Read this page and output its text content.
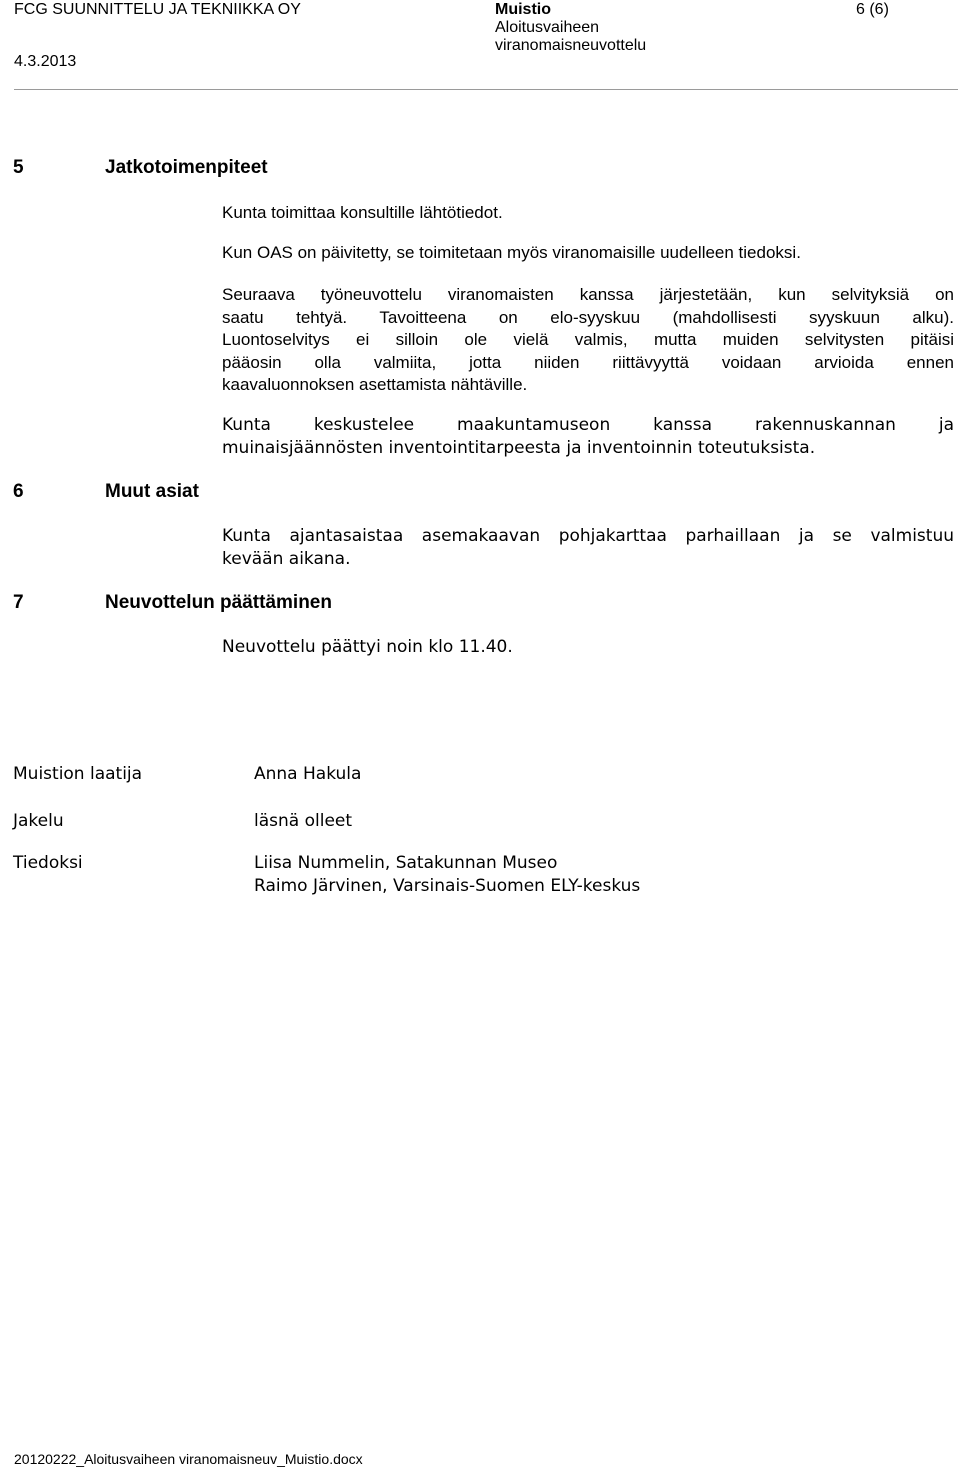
FCG SUUNNITTELU JA TEKNIIKKA OY
4.3.2013
Muistio
Aloitusvaiheen
viranomaisneuvottelu
6 (6)
5	Jatkotoimenpiteet
Kunta toimittaa konsultille lähtötiedot.
Kun OAS on päivitetty, se toimitetaan myös viranomaisille uudelleen tiedoksi.
Seuraava työneuvottelu viranomaisten kanssa järjestetään, kun selvityksiä on
saatu tehtyä. Tavoitteena on elo-syyskuu (mahdollisesti syyskuun alku).
Luontoselvitys ei silloin ole vielä valmis, mutta muiden selvitysten pitäisi
pääosin olla valmiita, jotta niiden riittävyyttä voidaan arvioida ennen
kaavaluonnoksen asettamista nähtäville.
Kunta keskustelee maakuntamuseon kanssa rakennuskannan ja
muinaisjäännösten inventointitarpeesta ja inventoinnin toteutuksista.
6	Muut asiat
Kunta ajantasaistaa asemakaavan pohjakarttaa parhaillaan ja se valmistuu
kevään aikana.
7	Neuvottelun päättäminen
Neuvottelu päättyi noin klo 11.40.
Muistion laatija	Anna Hakula
Jakelu	läsnä olleet
Tiedoksi	Liisa Nummelin, Satakunnan Museo
Raimo Järvinen, Varsinais-Suomen ELY-keskus
20120222_Aloitusvaiheen viranomaisneuv_Muistio.docx
